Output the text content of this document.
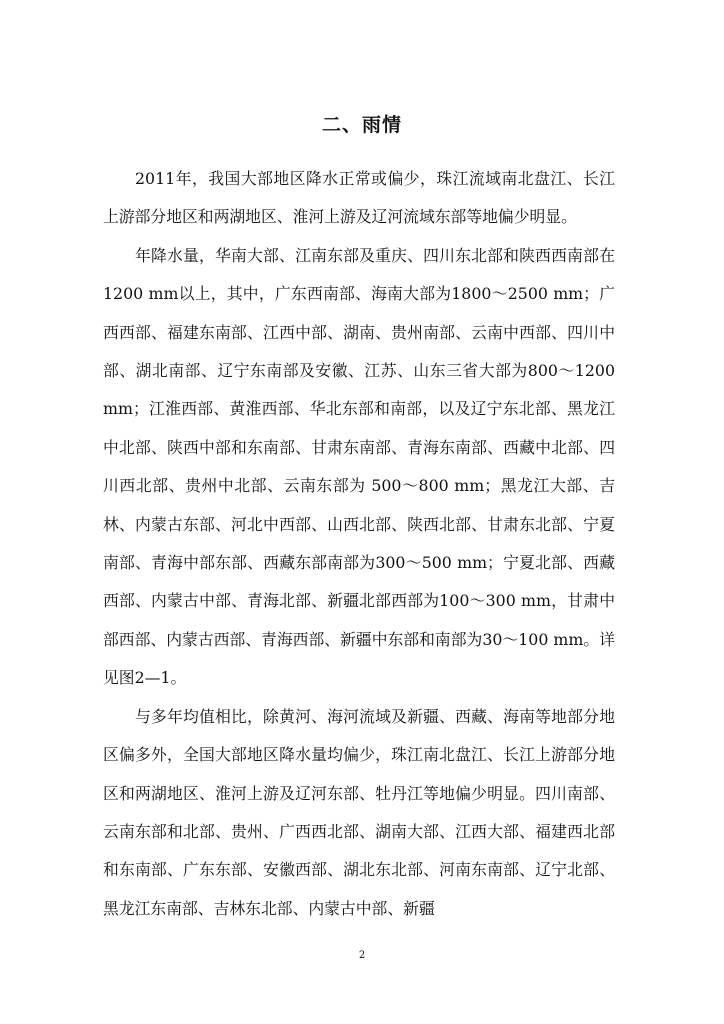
二、雨情

2011年，我国大部地区降水正常或偏少，珠江流域南北盘江、长江上游部分地区和两湖地区、淮河上游及辽河流域东部等地偏少明显。

年降水量，华南大部、江南东部及重庆、四川东北部和陕西西南部在1200 mm以上，其中，广东西南部、海南大部为1800～2500 mm；广西西部、福建东南部、江西中部、湖南、贵州南部、云南中西部、四川中部、湖北南部、辽宁东南部及安徽、江苏、山东三省大部为800～1200 mm；江淮西部、黄淮西部、华北东部和南部，以及辽宁东北部、黑龙江中北部、陕西中部和东南部、甘肃东南部、青海东南部、西藏中北部、四川西北部、贵州中北部、云南东部为 500～800 mm；黑龙江大部、吉林、内蒙古东部、河北中西部、山西北部、陕西北部、甘肃东北部、宁夏南部、青海中部东部、西藏东部南部为300～500 mm；宁夏北部、西藏西部、内蒙古中部、青海北部、新疆北部西部为100～300 mm，甘肃中部西部、内蒙古西部、青海西部、新疆中东部和南部为30～100 mm。详见图2—1。

与多年均值相比，除黄河、海河流域及新疆、西藏、海南等地部分地区偏多外，全国大部地区降水量均偏少，珠江南北盘江、长江上游部分地区和两湖地区、淮河上游及辽河东部、牡丹江等地偏少明显。四川南部、云南东部和北部、贵州、广西西北部、湖南大部、江西大部、福建西北部和东南部、广东东部、安徽西部、湖北东北部、河南东南部、辽宁北部、黑龙江东南部、吉林东北部、内蒙古中部、新疆

2
